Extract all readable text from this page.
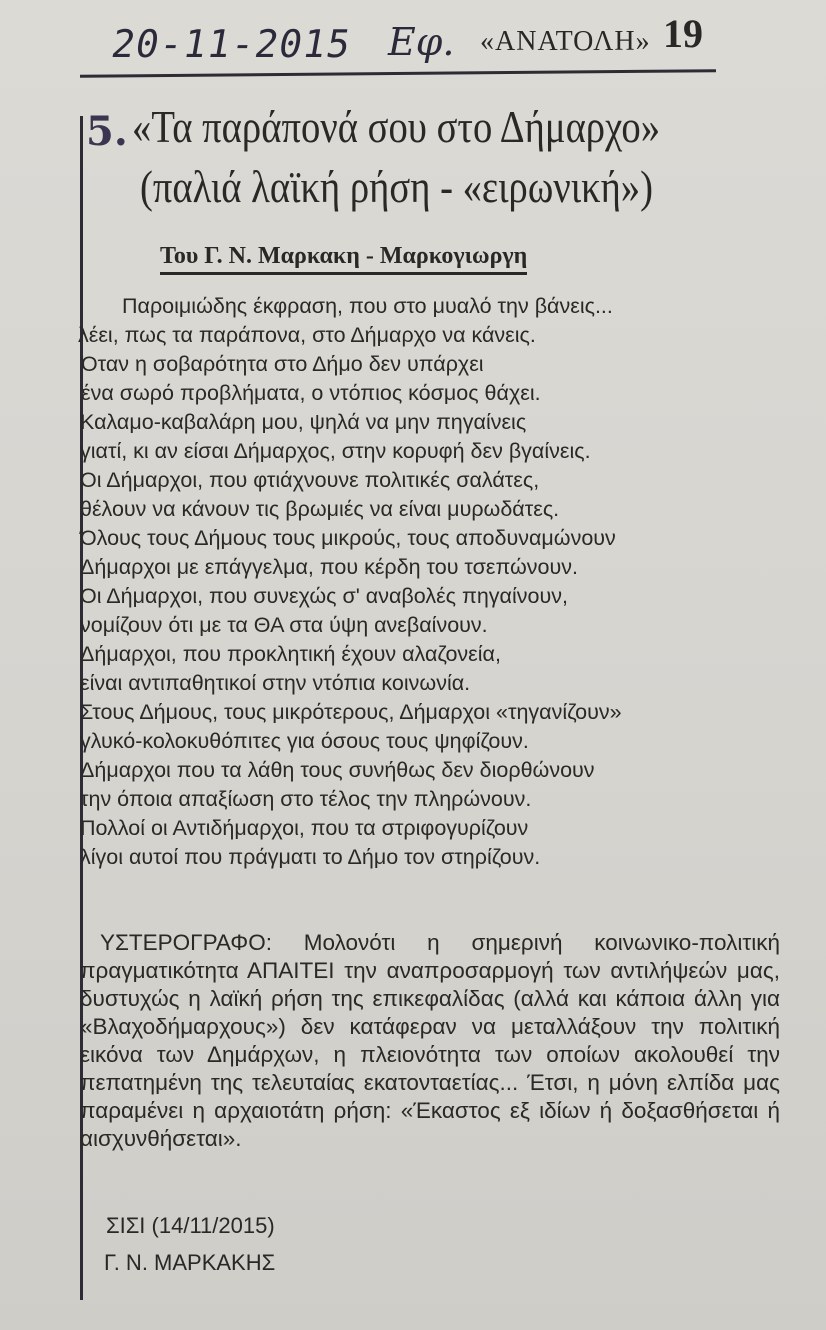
20-11-2015 Εφ. «ΑΝΑΤΟΛΗ» 19
5. «Τα παράπονά σου στο Δήμαρχο»
(παλιά λαϊκή ρήση - «ειρωνική»)
Του Γ. Ν. Μαρκακη - Μαρκογιωργη
Παροιμιώδης έκφραση, που στο μυαλό την βάνεις...
λέει, πως τα παράπονα, στο Δήμαρχο να κάνεις.
Όταν η σοβαρότητα στο Δήμο δεν υπάρχει
ένα σωρό προβλήματα, ο ντόπιος κόσμος θάχει.
Καλαμο-καβαλάρη μου, ψηλά να μην πηγαίνεις
γιατί, κι αν είσαι Δήμαρχος, στην κορυφή δεν βγαίνεις.
Οι Δήμαρχοι, που φτιάχνουνε πολιτικές σαλάτες,
θέλουν να κάνουν τις βρωμιές να είναι μυρωδάτες.
Όλους τους Δήμους τους μικρούς, τους αποδυναμώνουν
Δήμαρχοι με επάγγελμα, που κέρδη του τσεπώνουν.
Οι Δήμαρχοι, που συνεχώς σ' αναβολές πηγαίνουν,
νομίζουν ότι με τα ΘΑ στα ύψη ανεβαίνουν.
Δήμαρχοι, που προκλητική έχουν αλαζονεία,
είναι αντιπαθητικοί στην ντόπια κοινωνία.
Στους Δήμους, τους μικρότερους, Δήμαρχοι «τηγανίζουν»
γλυκό-κολοκυθόπιτες για όσους τους ψηφίζουν.
Δήμαρχοι που τα λάθη τους συνήθως δεν διορθώνουν
την όποια απαξίωση στο τέλος την πληρώνουν.
Πολλοί οι Αντιδήμαρχοι, που τα στριφογυρίζουν
λίγοι αυτοί που πράγματι το Δήμο τον στηρίζουν.

ΥΣΤΕΡΟΓΡΑΦΟ: Μολονότι η σημερινή κοινωνικο-πολιτική πραγματικότητα ΑΠΑΙΤΕΙ την αναπροσαρμογή των αντιλήψεών μας, δυστυχώς η λαϊκή ρήση της επικεφαλίδας (αλλά και κάποια άλλη για «Βλαχοδήμαρχους») δεν κατάφεραν να μεταλλάξουν την πολιτική εικόνα των Δημάρχων, η πλειονότητα των οποίων ακολουθεί την πεπατημένη της τελευταίας εκατονταετίας... Έτσι, η μόνη ελπίδα μας παραμένει η αρχαιοτάτη ρήση: «Έκαστος εξ ιδίων ή δοξασθήσεται ή αισχυνθήσεται».

ΣΙΣΙ (14/11/2015)
Γ. Ν. ΜΑΡΚΑΚΗΣ
